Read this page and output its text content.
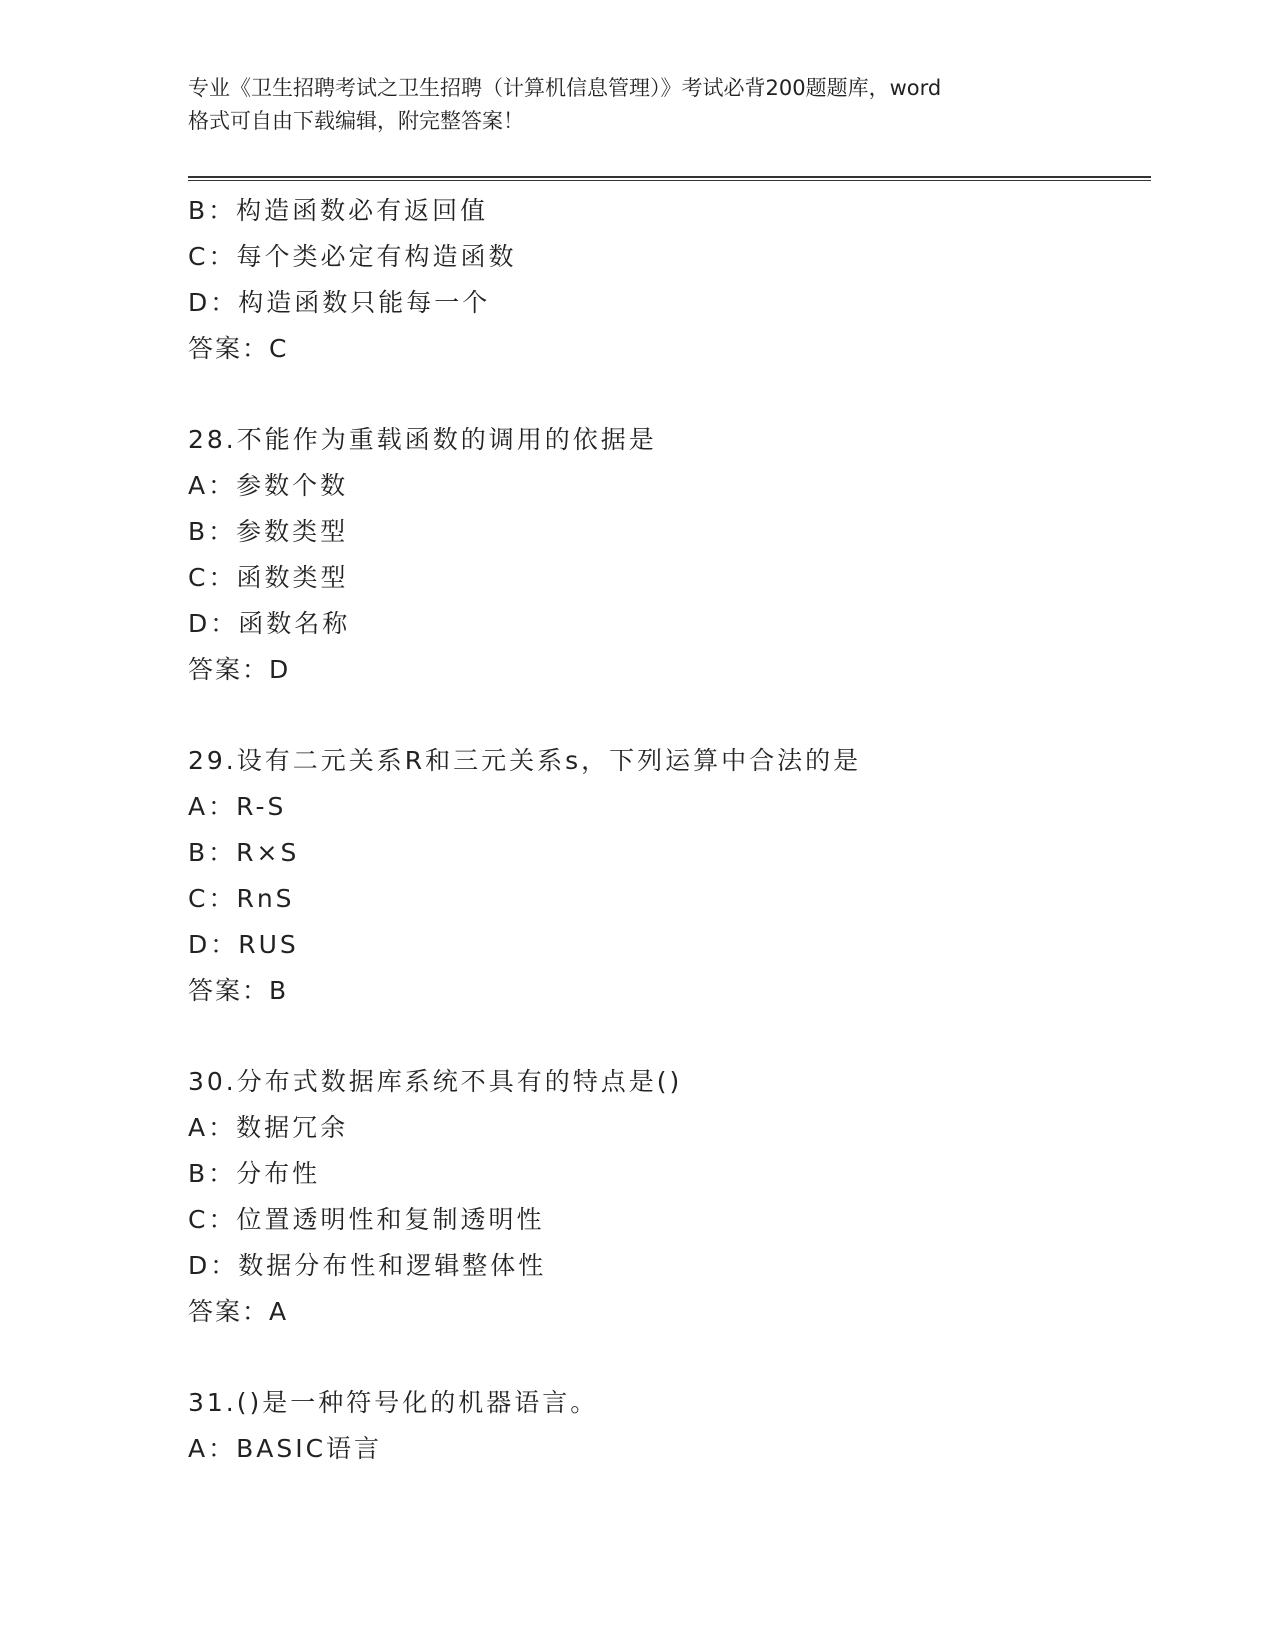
专业《卫生招聘考试之卫生招聘（计算机信息管理）》考试必背200题题库，word
格式可自由下载编辑，附完整答案！
B：构造函数必有返回值
C：每个类必定有构造函数
D：构造函数只能每一个
答案：C
28.不能作为重载函数的调用的依据是
A：参数个数
B：参数类型
C：函数类型
D：函数名称
答案：D
29.设有二元关系R和三元关系s，下列运算中合法的是
A：R-S
B：R×S
C：RnS
D：RUS
答案：B
30.分布式数据库系统不具有的特点是()
A：数据冗余
B：分布性
C：位置透明性和复制透明性
D：数据分布性和逻辑整体性
答案：A
31.()是一种符号化的机器语言。
A：BASIC语言
